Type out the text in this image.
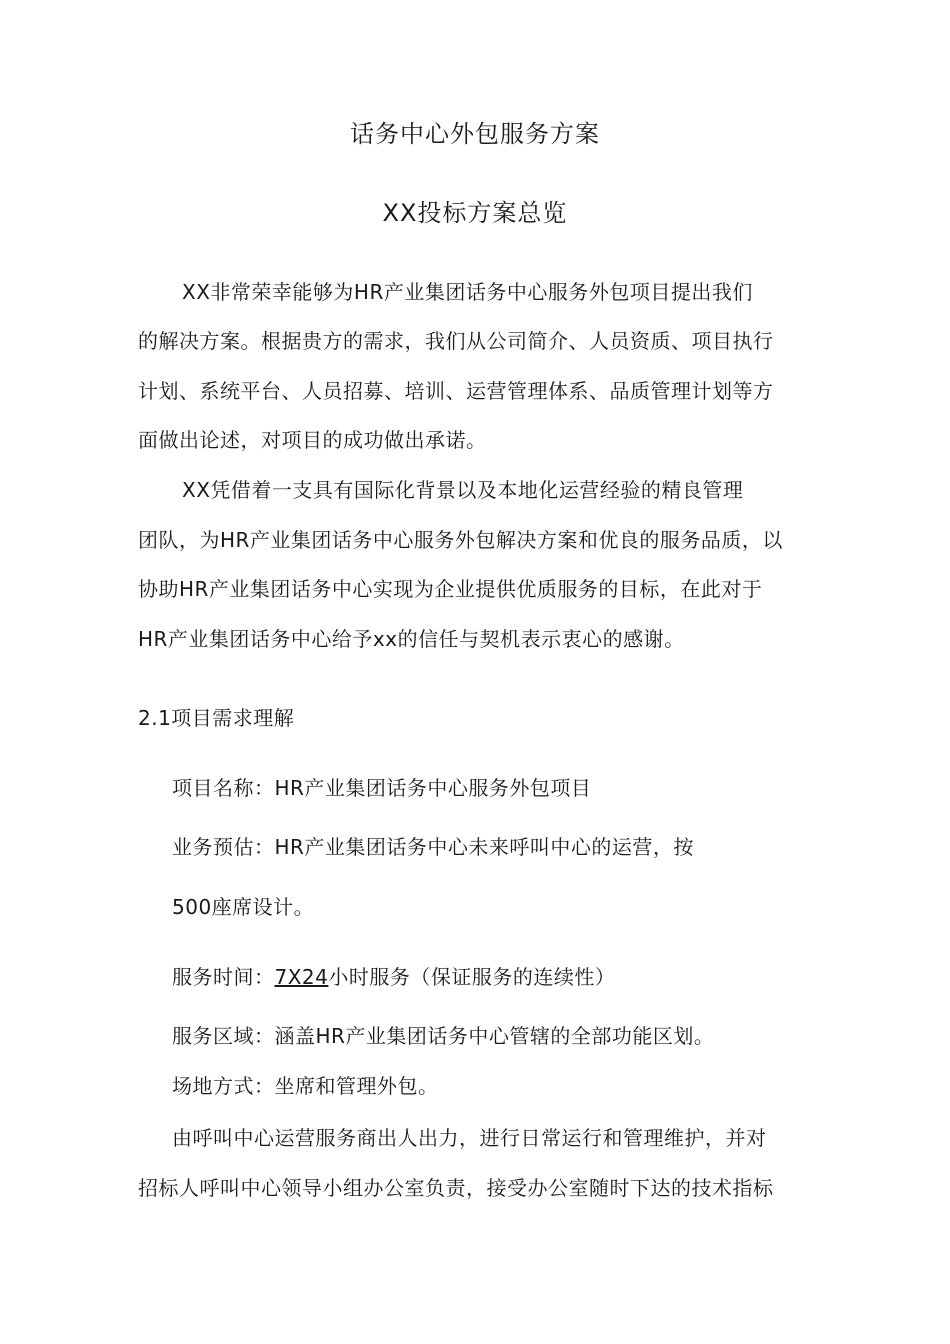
话务中心外包服务方案
XX投标方案总览
XX非常荣幸能够为HR产业集团话务中心服务外包项目提出我们
的解决方案。根据贵方的需求，我们从公司简介、人员资质、项目执行
计划、系统平台、人员招募、培训、运营管理体系、品质管理计划等方
面做出论述，对项目的成功做出承诺。
XX凭借着一支具有国际化背景以及本地化运营经验的精良管理
团队，为HR产业集团话务中心服务外包解决方案和优良的服务品质，以
协助HR产业集团话务中心实现为企业提供优质服务的目标，在此对于
HR产业集团话务中心给予xx的信任与契机表示衷心的感谢。
2.1项目需求理解
项目名称：HR产业集团话务中心服务外包项目
业务预估：HR产业集团话务中心未来呼叫中心的运营，按
500座席设计。
服务时间：7X24小时服务（保证服务的连续性）
服务区域：涵盖HR产业集团话务中心管辖的全部功能区划。
场地方式：坐席和管理外包。
由呼叫中心运营服务商出人出力，进行日常运行和管理维护，并对
招标人呼叫中心领导小组办公室负责，接受办公室随时下达的技术指标
